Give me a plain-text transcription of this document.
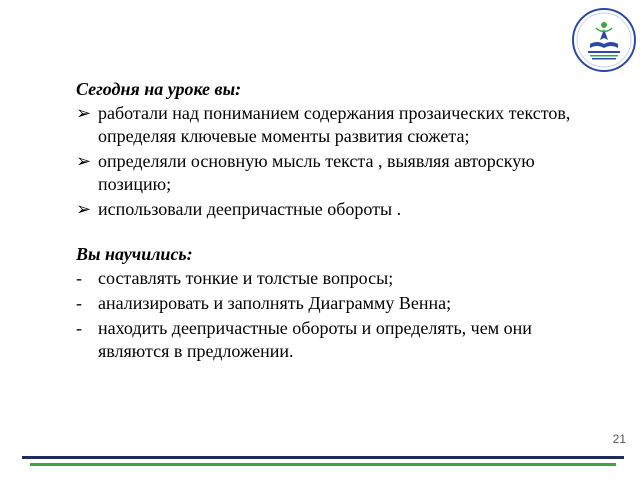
Сегодня на уроке вы:

➢ работали над пониманием содержания прозаических текстов, определяя ключевые моменты развития сюжета;
➢ определяли основную мысль текста , выявляя авторскую позицию;
➢ использовали деепричастные обороты .

Вы научились:

- составлять тонкие и толстые вопросы;
- анализировать и заполнять Диаграмму Венна;
- находить деепричастные обороты и определять, чем они являются в предложении.
21
